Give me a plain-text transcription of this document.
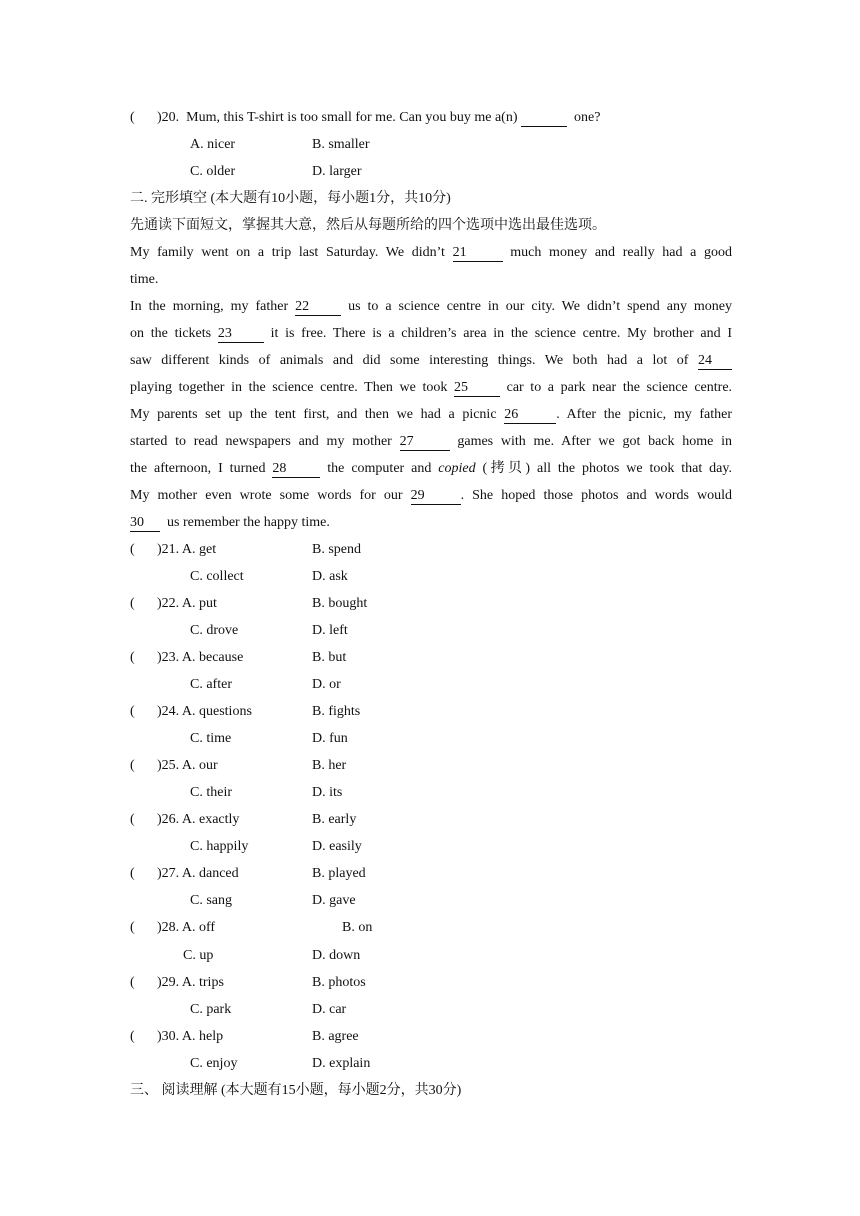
( )20. Mum, this T-shirt is too small for me. Can you buy me a(n)	one?
A. nicer	B. smaller
C. older	D. larger
二. 完形填空 (本大题有10小题，每小题1分，共10分)
先通读下面短文，掌握其大意，然后从每题所给的四个选项中选出最佳选项。
My family went on a trip last Saturday. We didn’t 21	much money and really had a good
time.
In the morning, my father 22	us to a science centre in our city. We didn’t spend any money
on the tickets 23	it is free. There is a children’s area in the science centre. My brother and I
saw different kinds of animals and did some interesting things. We both had a lot of 24
playing together in the science centre. Then we took 25	car to a park near the science centre.
My parents set up the tent first, and then we had a picnic 26	. After the picnic, my father
started to read newspapers and my mother 27	games with me. After we got back home in
the afternoon, I turned 28	the computer and copied (拷贝) all the photos we took that day.
My mother even wrote some words for our 29	. She hoped those photos and words would
30 us remember the happy time.
( )21. A. get	B. spend
C. collect	D. ask
( )22. A. put	B. bought
C. drove	D. left
( )23. A. because	B. but
C. after	D. or
( )24. A. questions	B. fights
C. time	D. fun
( )25. A. our	B. her
C. their	D. its
( )26. A. exactly	B. early
C. happily	D. easily
( )27. A. danced	B. played
C. sang	D. gave
( )28. A. off	B. on
C. up	D. down
( )29. A. trips	B. photos
C. park	D. car
( )30. A. help	B. agree
C. enjoy	D. explain
三、 阅读理解 (本大题有15小题，每小题2分，共30分)
